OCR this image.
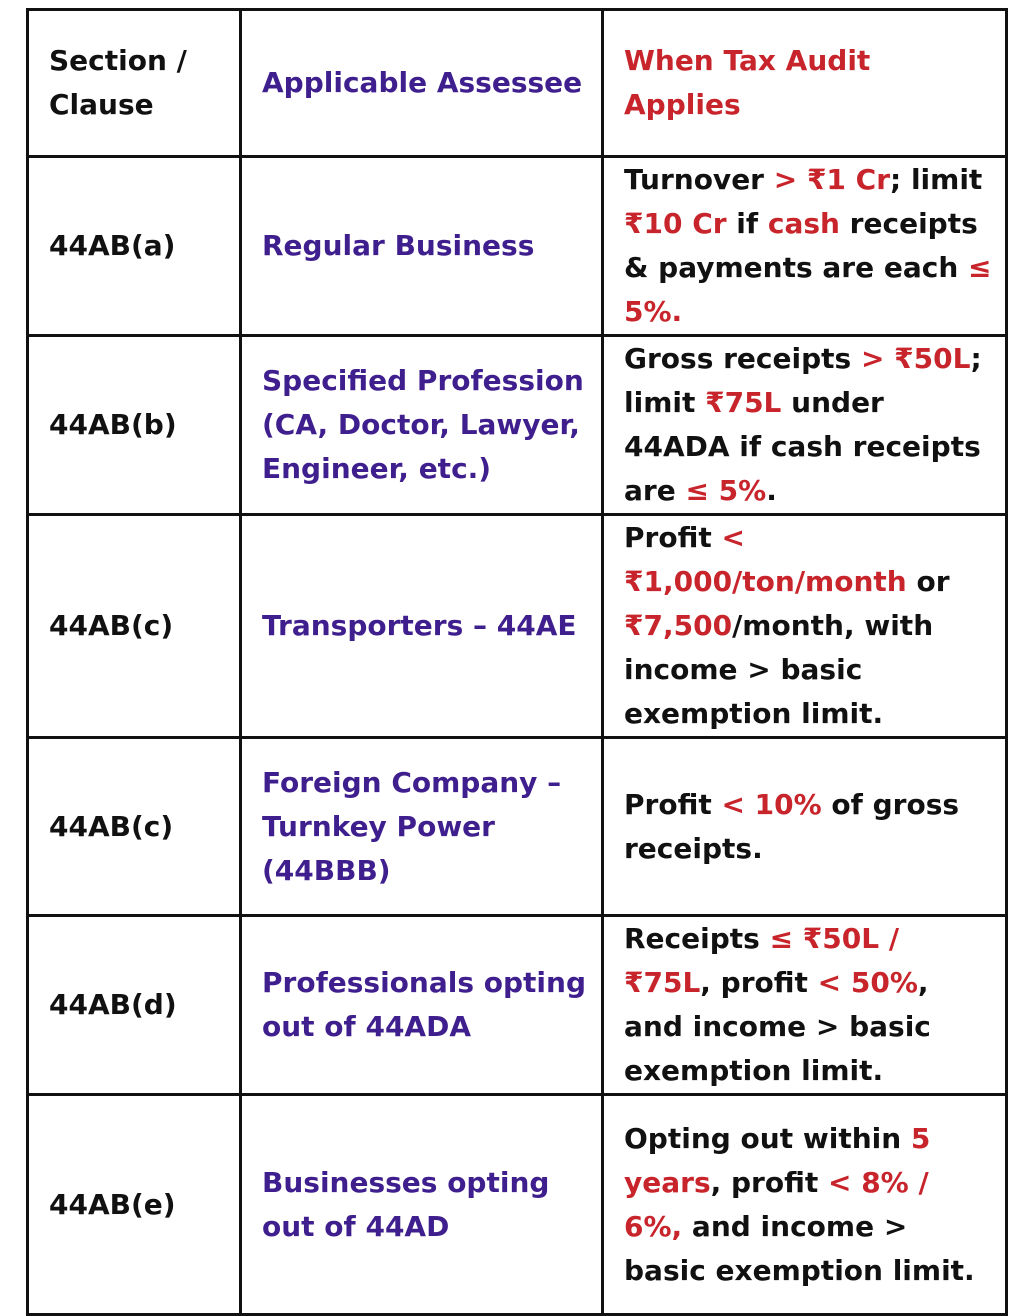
Section / Clause	Applicable Assessee	When Tax Audit Applies
44AB(a)	Regular Business	Turnover > ₹1 Cr; limit ₹10 Cr if cash receipts & payments are each ≤ 5%.
44AB(b)	Specified Profession (CA, Doctor, Lawyer, Engineer, etc.)	Gross receipts > ₹50L; limit ₹75L under 44ADA if cash receipts are ≤ 5%.
44AB(c)	Transporters – 44AE	Profit < ₹1,000/ton/month or ₹7,500/month, with income > basic exemption limit.
44AB(c)	Foreign Company – Turnkey Power (44BBB)	Profit < 10% of gross receipts.
44AB(d)	Professionals opting out of 44ADA	Receipts ≤ ₹50L / ₹75L, profit < 50%, and income > basic exemption limit.
44AB(e)	Businesses opting out of 44AD	Opting out within 5 years, profit < 8% / 6%, and income > basic exemption limit.
